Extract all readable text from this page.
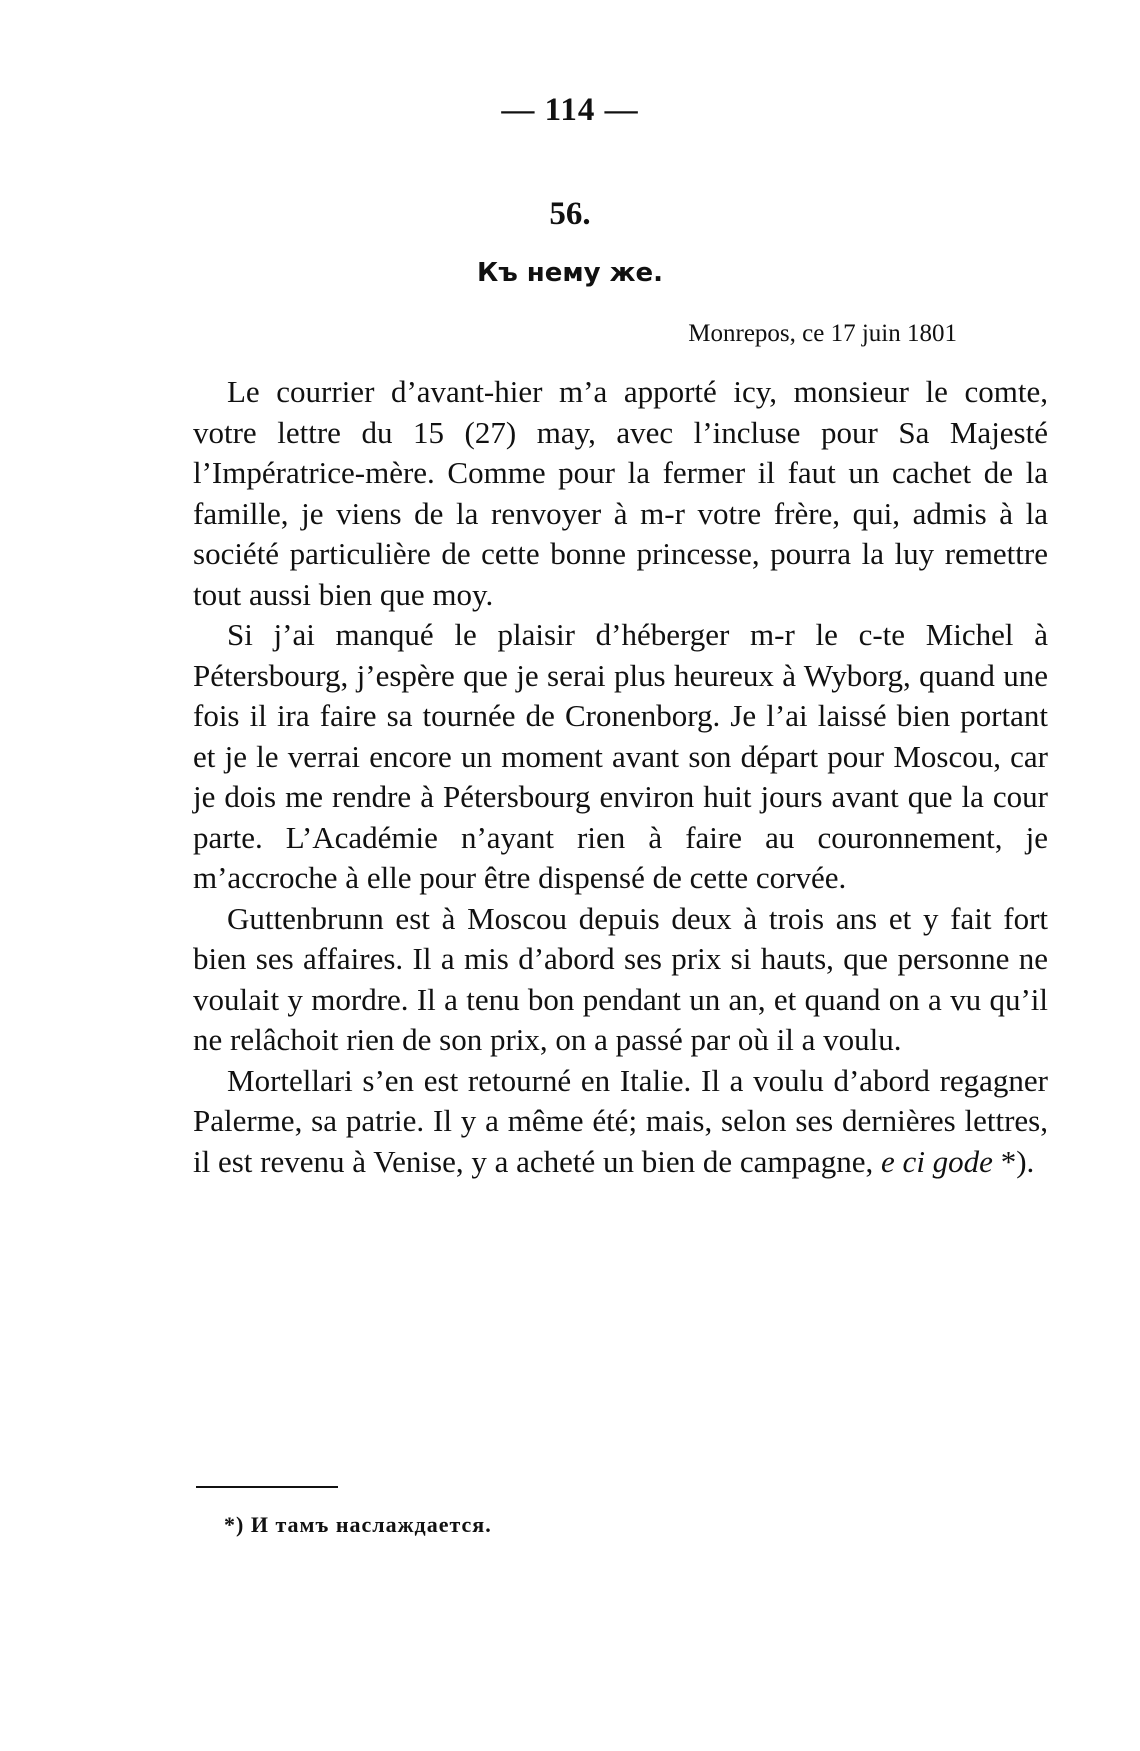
— 114 —
56.
Къ нему же.
Monrepos, ce 17 juin 1801

Le courrier d’avant-hier m’a apporté icy, monsieur le comte, votre lettre du 15 (27) may, avec l’incluse pour Sa Majesté l’Impératrice-mère. Comme pour la fermer il faut un cachet de la famille, je viens de la renvoyer à m-r votre frère, qui, admis à la société particulière de cette bonne princesse, pourra la luy remettre tout aussi bien que moy.

Si j’ai manqué le plaisir d’héberger m-r le c-te Michel à Pétersbourg, j’espère que je serai plus heureux à Wyborg, quand une fois il ira faire sa tournée de Cronenborg. Je l’ai laissé bien portant et je le verrai encore un moment avant son départ pour Moscou, car je dois me rendre à Pétersbourg environ huit jours avant que la cour parte. L’Académie n’ayant rien à faire au couronnement, je m’accroche à elle pour être dispensé de cette corvée.

Guttenbrunn est à Moscou depuis deux à trois ans et y fait fort bien ses affaires. Il a mis d’abord ses prix si hauts, que personne ne voulait y mordre. Il a tenu bon pendant un an, et quand on a vu qu’il ne relâchoit rien de son prix, on a passé par où il a voulu.

Mortellari s’en est retourné en Italie. Il a voulu d’abord regagner Palerme, sa patrie. Il y a même été; mais, selon ses dernières lettres, il est revenu à Venise, y a acheté un bien de campagne, e ci gode *).

*) И тамъ наслаждается.
